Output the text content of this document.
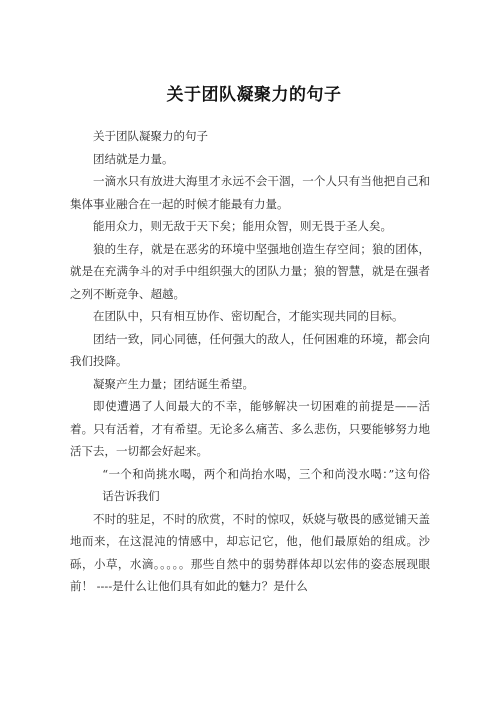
关于团队凝聚力的句子

关于团队凝聚力的句子

团结就是力量。

一滴水只有放进大海里才永远不会干涸，一个人只有当他把自己和集体事业融合在一起的时候才能最有力量。

能用众力，则无敌于天下矣；能用众智，则无畏于圣人矣。

狼的生存，就是在恶劣的环境中坚强地创造生存空间；狼的团体，就是在充满争斗的对手中组织强大的团队力量；狼的智慧，就是在强者之列不断竞争、超越。

在团队中，只有相互协作、密切配合，才能实现共同的目标。

团结一致，同心同德，任何强大的敌人，任何困难的环境，都会向我们投降。

凝聚产生力量；团结诞生希望。

即使遭遇了人间最大的不幸，能够解决一切困难的前提是——活着。只有活着，才有希望。无论多么痛苦、多么悲伤，只要能够努力地活下去，一切都会好起来。

“一个和尚挑水喝，两个和尚抬水喝，三个和尚没水喝：”这句俗话告诉我们

不时的驻足，不时的欣赏，不时的惊叹，妖娆与敬畏的感觉铺天盖地而来，在这混沌的情感中，却忘记它，他，他们最原始的组成。沙砾，小草，水滴。。。。。那些自然中的弱势群体却以宏伟的姿态展现眼前！ ----是什么让他们具有如此的魅力？是什么
